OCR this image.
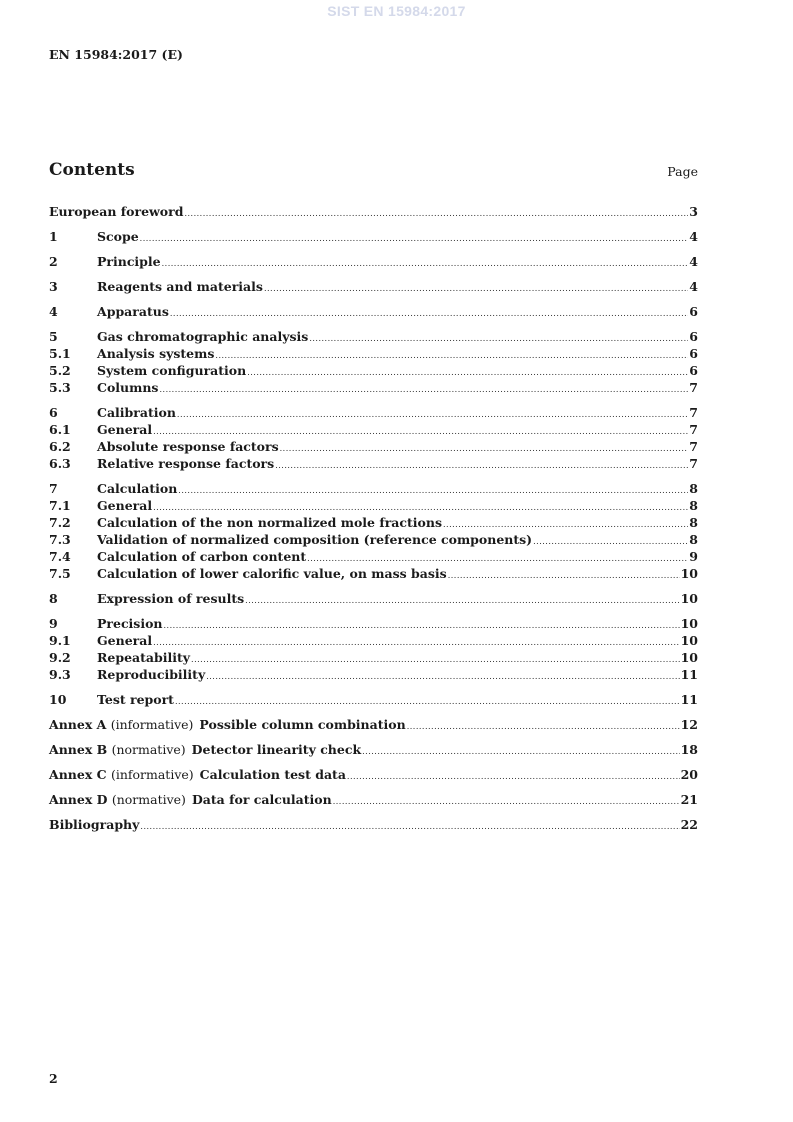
SIST EN 15984:2017
EN 15984:2017 (E)
Contents	Page
European foreword .....	3
1	Scope .....	4
2	Principle .....	4
3	Reagents and materials .....	4
4	Apparatus .....	6
5	Gas chromatographic analysis .....	6
5.1	Analysis systems .....	6
5.2	System configuration .....	6
5.3	Columns .....	7
6	Calibration .....	7
6.1	General .....	7
6.2	Absolute response factors .....	7
6.3	Relative response factors .....	7
7	Calculation .....	8
7.1	General .....	8
7.2	Calculation of the non normalized mole fractions .....	8
7.3	Validation of normalized composition (reference components) .....	8
7.4	Calculation of carbon content .....	9
7.5	Calculation of lower calorific value, on mass basis .....	10
8	Expression of results .....	10
9	Precision .....	10
9.1	General .....	10
9.2	Repeatability .....	10
9.3	Reproducibility .....	11
10	Test report .....	11
Annex A (informative) Possible column combination .....	12
Annex B (normative) Detector linearity check .....	18
Annex C (informative) Calculation test data .....	20
Annex D (normative) Data for calculation .....	21
Bibliography .....	22
2
